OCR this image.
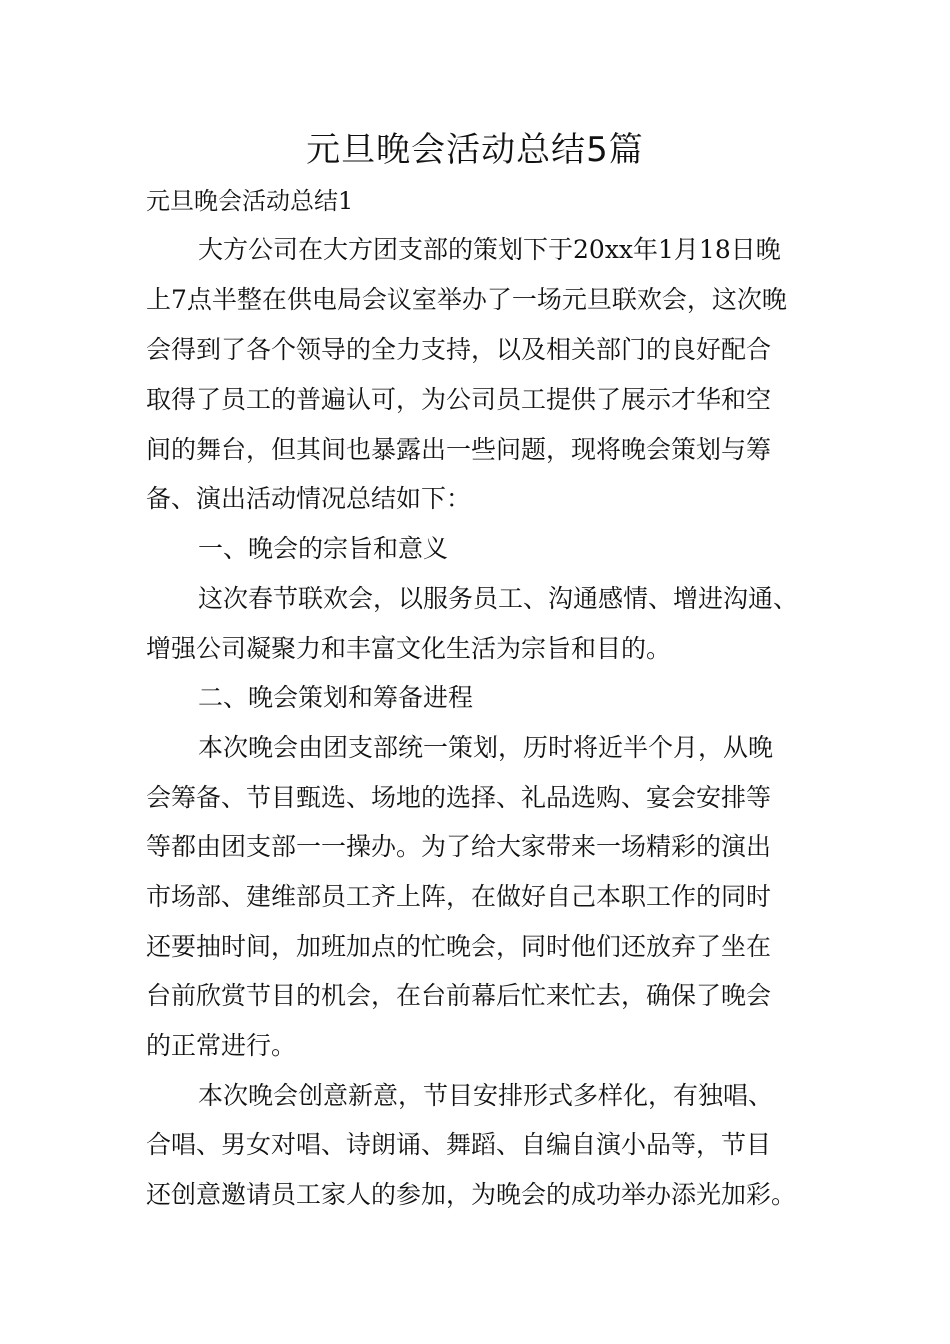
元旦晚会活动总结5篇
元旦晚会活动总结1
大方公司在大方团支部的策划下于20xx年1月18日晚
上7点半整在供电局会议室举办了一场元旦联欢会，这次晚
会得到了各个领导的全力支持，以及相关部门的良好配合
取得了员工的普遍认可，为公司员工提供了展示才华和空
间的舞台，但其间也暴露出一些问题，现将晚会策划与筹
备、演出活动情况总结如下：
一、晚会的宗旨和意义
这次春节联欢会，以服务员工、沟通感情、增进沟通、
增强公司凝聚力和丰富文化生活为宗旨和目的。
二、晚会策划和筹备进程
本次晚会由团支部统一策划，历时将近半个月，从晚
会筹备、节目甄选、场地的选择、礼品选购、宴会安排等
等都由团支部一一操办。为了给大家带来一场精彩的演出
市场部、建维部员工齐上阵，在做好自己本职工作的同时
还要抽时间，加班加点的忙晚会，同时他们还放弃了坐在
台前欣赏节目的机会，在台前幕后忙来忙去，确保了晚会
的正常进行。
本次晚会创意新意，节目安排形式多样化，有独唱、
合唱、男女对唱、诗朗诵、舞蹈、自编自演小品等，节目
还创意邀请员工家人的参加，为晚会的成功举办添光加彩。
